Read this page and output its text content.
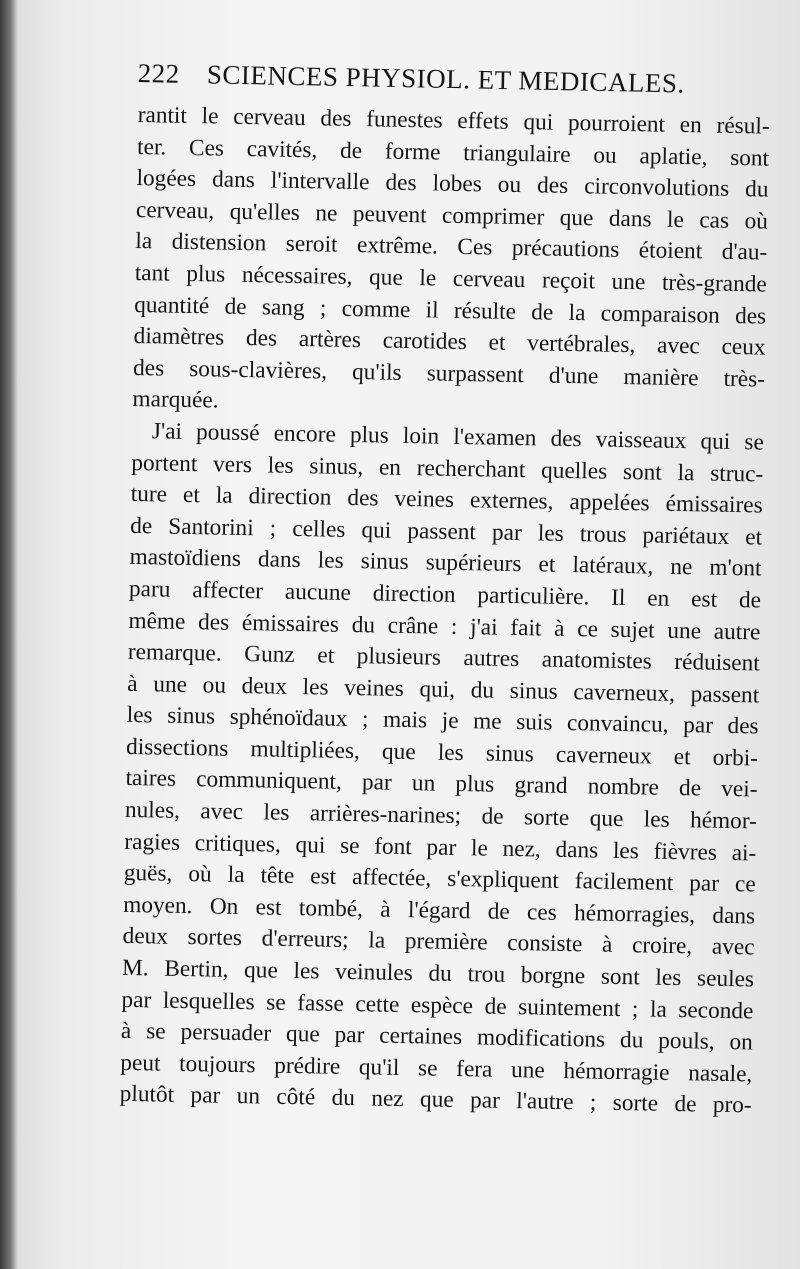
222 SCIENCES PHYSIOL. ET MEDICALES.
rantit le cerveau des funestes effets qui pourroient en résul-
ter. Ces cavités, de forme triangulaire ou aplatie, sont
logées dans l'intervalle des lobes ou des circonvolutions du
cerveau, qu'elles ne peuvent comprimer que dans le cas où
la distension seroit extrême. Ces précautions étoient d'au-
tant plus nécessaires, que le cerveau reçoit une très-grande
quantité de sang ; comme il résulte de la comparaison des
diamètres des artères carotides et vertébrales, avec ceux
des sous-clavières, qu'ils surpassent d'une manière très-
marquée.
J'ai poussé encore plus loin l'examen des vaisseaux qui se
portent vers les sinus, en recherchant quelles sont la struc-
ture et la direction des veines externes, appelées émissaires
de Santorini ; celles qui passent par les trous pariétaux et
mastoïdiens dans les sinus supérieurs et latéraux, ne m'ont
paru affecter aucune direction particulière. Il en est de
même des émissaires du crâne : j'ai fait à ce sujet une autre
remarque. Gunz et plusieurs autres anatomistes réduisent
à une ou deux les veines qui, du sinus caverneux, passent
les sinus sphénoïdaux ; mais je me suis convaincu, par des
dissections multipliées, que les sinus caverneux et orbi-
taires communiquent, par un plus grand nombre de vei-
nules, avec les arrières-narines; de sorte que les hémor-
ragies critiques, qui se font par le nez, dans les fièvres ai-
guës, où la tête est affectée, s'expliquent facilement par ce
moyen. On est tombé, à l'égard de ces hémorragies, dans
deux sortes d'erreurs; la première consiste à croire, avec
M. Bertin, que les veinules du trou borgne sont les seules
par lesquelles se fasse cette espèce de suintement ; la seconde
à se persuader que par certaines modifications du pouls, on
peut toujours prédire qu'il se fera une hémorragie nasale,
plutôt par un côté du nez que par l'autre ; sorte de pro-
